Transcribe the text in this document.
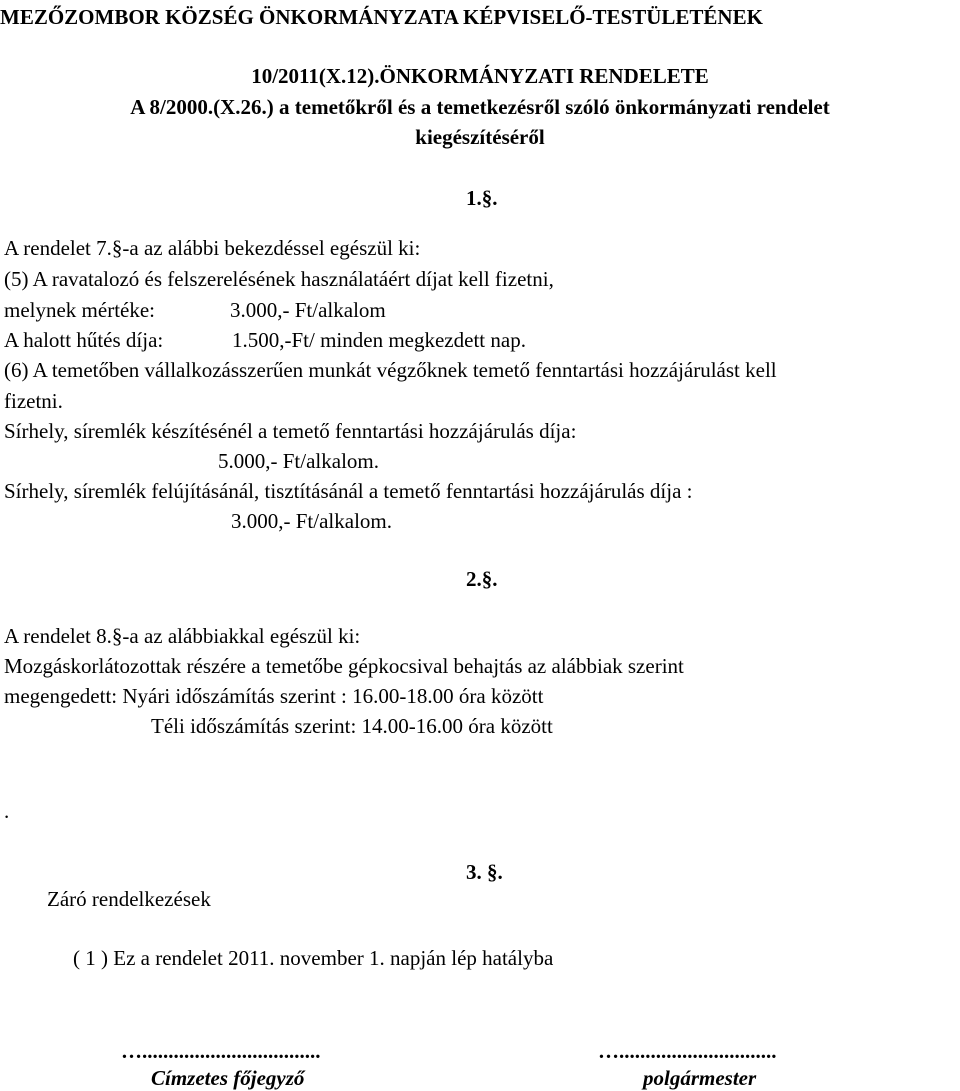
MEZŐZOMBOR KÖZSÉG ÖNKORMÁNYZATA KÉPVISELŐ-TESTÜLETÉNEK
10/2011(X.12).ÖNKORMÁNYZATI RENDELETE
A 8/2000.(X.26.) a temetőkről és a temetkezésről szóló önkormányzati rendelet
kiegészítéséről
1.§.
A rendelet 7.§-a az alábbi bekezdéssel egészül ki:
(5) A ravatalozó és felszerelésének használatáért díjat kell fizetni,
melynek mértéke:	3.000,- Ft/alkalom
A halott hűtés díja:	1.500,-Ft/ minden megkezdett nap.
(6) A temetőben vállalkozásszerűen munkát végzőknek temető fenntartási hozzájárulást kell
fizetni.
Sírhely, síremlék készítésénél a temető fenntartási hozzájárulás díja:
5.000,- Ft/alkalom.
Sírhely, síremlék felújításánál, tisztításánál a temető fenntartási hozzájárulás díja :
3.000,- Ft/alkalom.
2.§.
A rendelet 8.§-a az alábbiakkal egészül ki:
Mozgáskorlátozottak részére a temetőbe gépkocsival behajtás az alábbiak szerint
megengedett: Nyári időszámítás szerint : 16.00-18.00 óra között
Téli időszámítás szerint: 14.00-16.00 óra között
.
3. §.
Záró rendelkezések
( 1 ) Ez a rendelet 2011. november 1. napján lép hatályba
…..................................
Címzetes főjegyző
…..............................
polgármester
